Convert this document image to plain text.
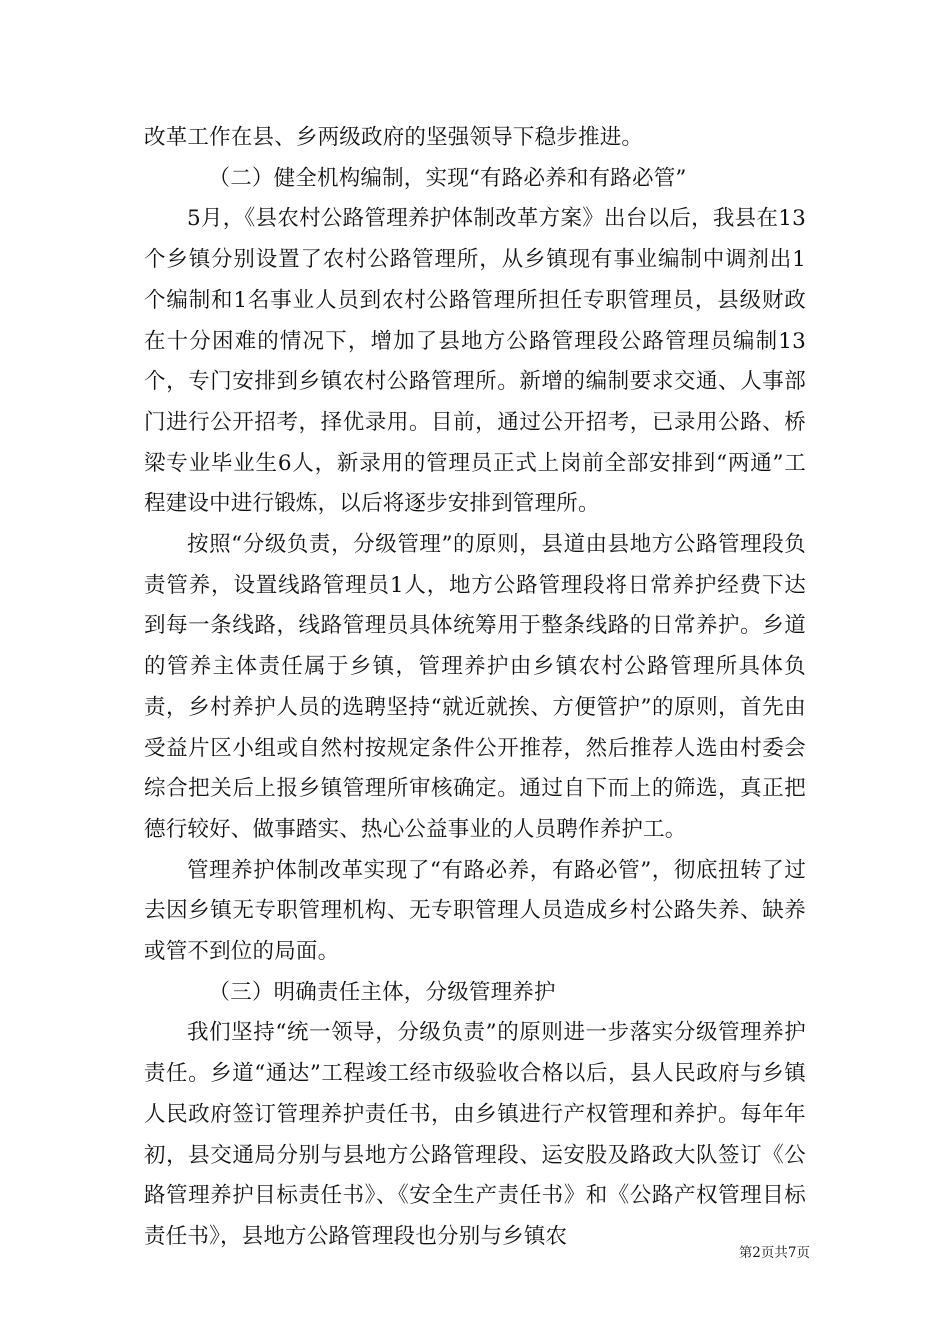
改革工作在县、乡两级政府的坚强领导下稳步推进。

（二）健全机构编制，实现“有路必养和有路必管”

5月，《县农村公路管理养护体制改革方案》出台以后，我县在13个乡镇分别设置了农村公路管理所，从乡镇现有事业编制中调剂出1个编制和1名事业人员到农村公路管理所担任专职管理员，县级财政在十分困难的情况下，增加了县地方公路管理段公路管理员编制13个，专门安排到乡镇农村公路管理所。新增的编制要求交通、人事部门进行公开招考，择优录用。目前，通过公开招考，已录用公路、桥梁专业毕业生6人，新录用的管理员正式上岗前全部安排到“两通”工程建设中进行锻炼，以后将逐步安排到管理所。

按照“分级负责，分级管理”的原则，县道由县地方公路管理段负责管养，设置线路管理员1人，地方公路管理段将日常养护经费下达到每一条线路，线路管理员具体统筹用于整条线路的日常养护。乡道的管养主体责任属于乡镇，管理养护由乡镇农村公路管理所具体负责，乡村养护人员的选聘坚持“就近就挨、方便管护”的原则，首先由受益片区小组或自然村按规定条件公开推荐，然后推荐人选由村委会综合把关后上报乡镇管理所审核确定。通过自下而上的筛选，真正把德行较好、做事踏实、热心公益事业的人员聘作养护工。

管理养护体制改革实现了“有路必养，有路必管”，彻底扭转了过去因乡镇无专职管理机构、无专职管理人员造成乡村公路失养、缺养或管不到位的局面。

（三）明确责任主体，分级管理养护

我们坚持“统一领导，分级负责”的原则进一步落实分级管理养护责任。乡道“通达”工程竣工经市级验收合格以后，县人民政府与乡镇人民政府签订管理养护责任书，由乡镇进行产权管理和养护。每年年初，县交通局分别与县地方公路管理段、运安股及路政大队签订《公路管理养护目标责任书》、《安全生产责任书》和《公路产权管理目标责任书》，县地方公路管理段也分别与乡镇农

第2页共7页
